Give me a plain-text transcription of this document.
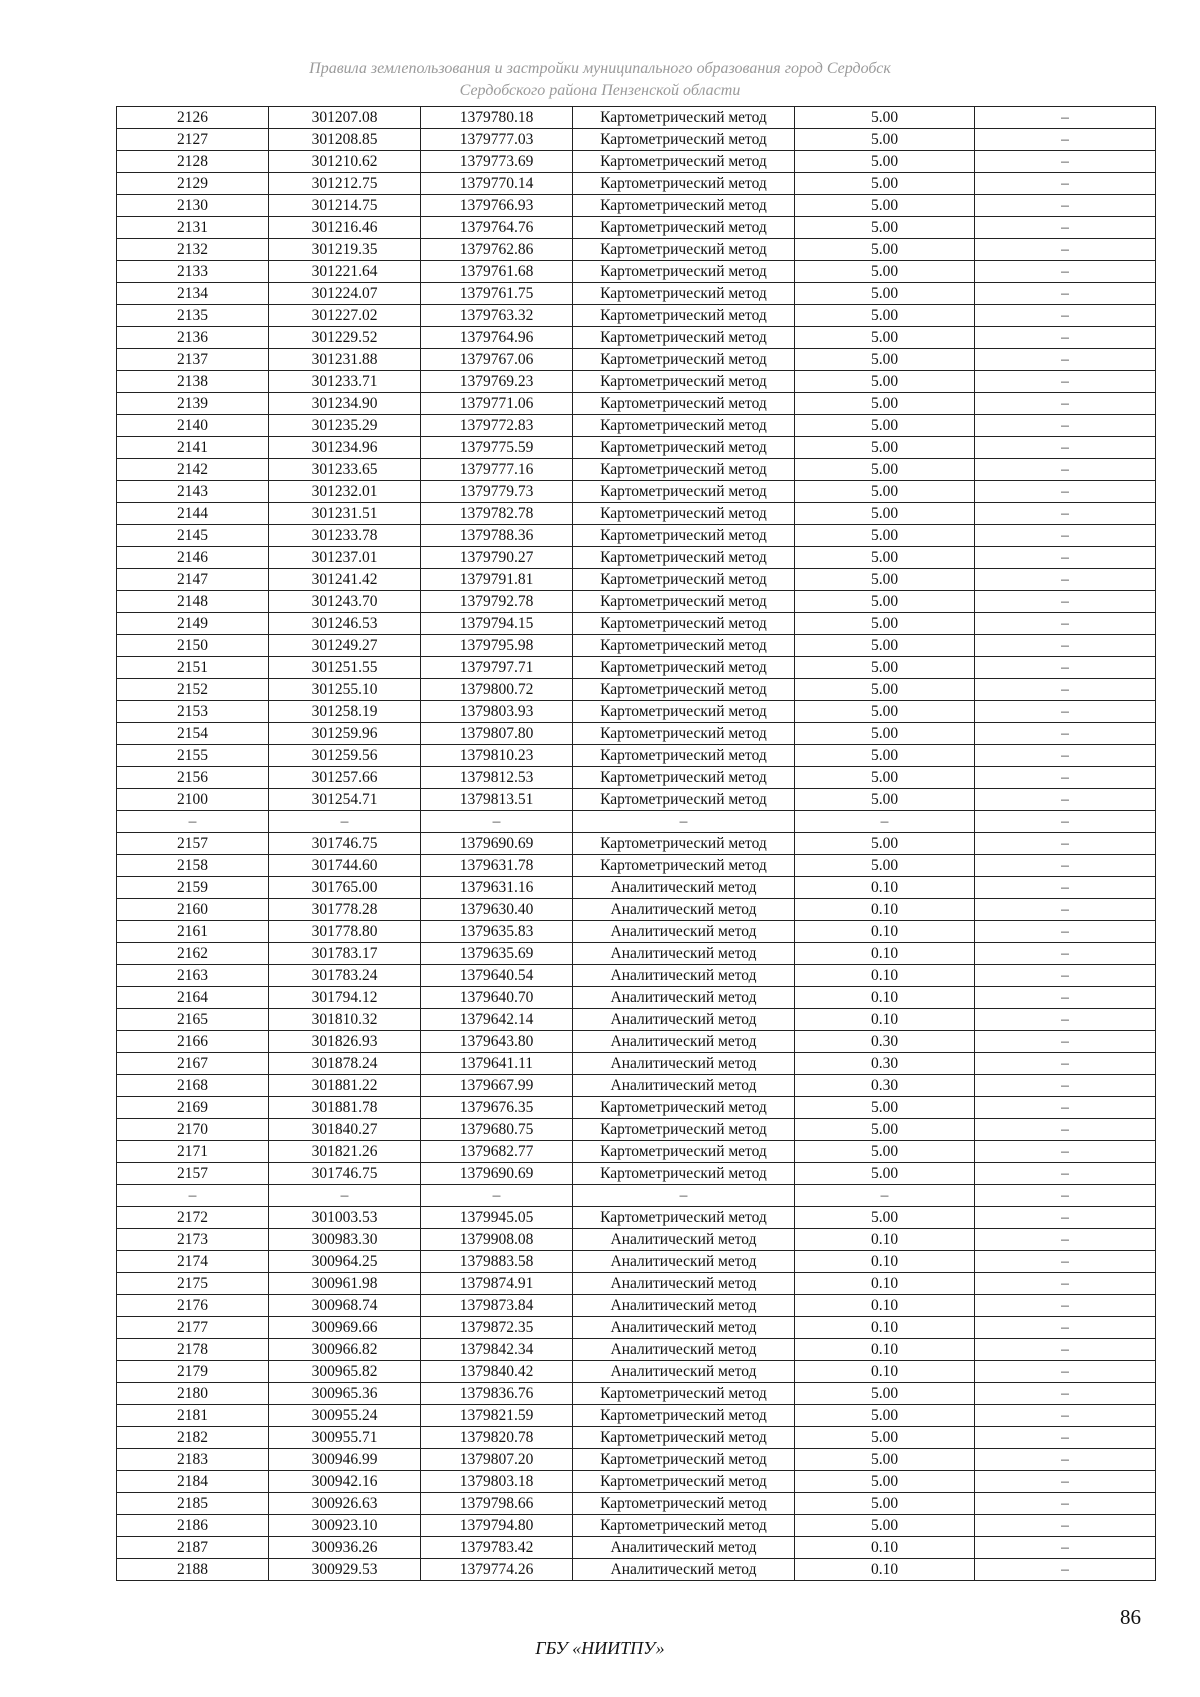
Правила землепользования и застройки муниципального образования город Сердобск
Сердобского района Пензенской области
2126	301207.08	1379780.18	Картометрический метод	5.00	–
2127	301208.85	1379777.03	Картометрический метод	5.00	–
2128	301210.62	1379773.69	Картометрический метод	5.00	–
2129	301212.75	1379770.14	Картометрический метод	5.00	–
2130	301214.75	1379766.93	Картометрический метод	5.00	–
2131	301216.46	1379764.76	Картометрический метод	5.00	–
2132	301219.35	1379762.86	Картометрический метод	5.00	–
2133	301221.64	1379761.68	Картометрический метод	5.00	–
2134	301224.07	1379761.75	Картометрический метод	5.00	–
2135	301227.02	1379763.32	Картометрический метод	5.00	–
2136	301229.52	1379764.96	Картометрический метод	5.00	–
2137	301231.88	1379767.06	Картометрический метод	5.00	–
2138	301233.71	1379769.23	Картометрический метод	5.00	–
2139	301234.90	1379771.06	Картометрический метод	5.00	–
2140	301235.29	1379772.83	Картометрический метод	5.00	–
2141	301234.96	1379775.59	Картометрический метод	5.00	–
2142	301233.65	1379777.16	Картометрический метод	5.00	–
2143	301232.01	1379779.73	Картометрический метод	5.00	–
2144	301231.51	1379782.78	Картометрический метод	5.00	–
2145	301233.78	1379788.36	Картометрический метод	5.00	–
2146	301237.01	1379790.27	Картометрический метод	5.00	–
2147	301241.42	1379791.81	Картометрический метод	5.00	–
2148	301243.70	1379792.78	Картометрический метод	5.00	–
2149	301246.53	1379794.15	Картометрический метод	5.00	–
2150	301249.27	1379795.98	Картометрический метод	5.00	–
2151	301251.55	1379797.71	Картометрический метод	5.00	–
2152	301255.10	1379800.72	Картометрический метод	5.00	–
2153	301258.19	1379803.93	Картометрический метод	5.00	–
2154	301259.96	1379807.80	Картометрический метод	5.00	–
2155	301259.56	1379810.23	Картометрический метод	5.00	–
2156	301257.66	1379812.53	Картометрический метод	5.00	–
2100	301254.71	1379813.51	Картометрический метод	5.00	–
–	–	–	–	–	–
2157	301746.75	1379690.69	Картометрический метод	5.00	–
2158	301744.60	1379631.78	Картометрический метод	5.00	–
2159	301765.00	1379631.16	Аналитический метод	0.10	–
2160	301778.28	1379630.40	Аналитический метод	0.10	–
2161	301778.80	1379635.83	Аналитический метод	0.10	–
2162	301783.17	1379635.69	Аналитический метод	0.10	–
2163	301783.24	1379640.54	Аналитический метод	0.10	–
2164	301794.12	1379640.70	Аналитический метод	0.10	–
2165	301810.32	1379642.14	Аналитический метод	0.10	–
2166	301826.93	1379643.80	Аналитический метод	0.30	–
2167	301878.24	1379641.11	Аналитический метод	0.30	–
2168	301881.22	1379667.99	Аналитический метод	0.30	–
2169	301881.78	1379676.35	Картометрический метод	5.00	–
2170	301840.27	1379680.75	Картометрический метод	5.00	–
2171	301821.26	1379682.77	Картометрический метод	5.00	–
2157	301746.75	1379690.69	Картометрический метод	5.00	–
–	–	–	–	–	–
2172	301003.53	1379945.05	Картометрический метод	5.00	–
2173	300983.30	1379908.08	Аналитический метод	0.10	–
2174	300964.25	1379883.58	Аналитический метод	0.10	–
2175	300961.98	1379874.91	Аналитический метод	0.10	–
2176	300968.74	1379873.84	Аналитический метод	0.10	–
2177	300969.66	1379872.35	Аналитический метод	0.10	–
2178	300966.82	1379842.34	Аналитический метод	0.10	–
2179	300965.82	1379840.42	Аналитический метод	0.10	–
2180	300965.36	1379836.76	Картометрический метод	5.00	–
2181	300955.24	1379821.59	Картометрический метод	5.00	–
2182	300955.71	1379820.78	Картометрический метод	5.00	–
2183	300946.99	1379807.20	Картометрический метод	5.00	–
2184	300942.16	1379803.18	Картометрический метод	5.00	–
2185	300926.63	1379798.66	Картометрический метод	5.00	–
2186	300923.10	1379794.80	Картометрический метод	5.00	–
2187	300936.26	1379783.42	Аналитический метод	0.10	–
2188	300929.53	1379774.26	Аналитический метод	0.10	–
86
ГБУ «НИИТПУ»
